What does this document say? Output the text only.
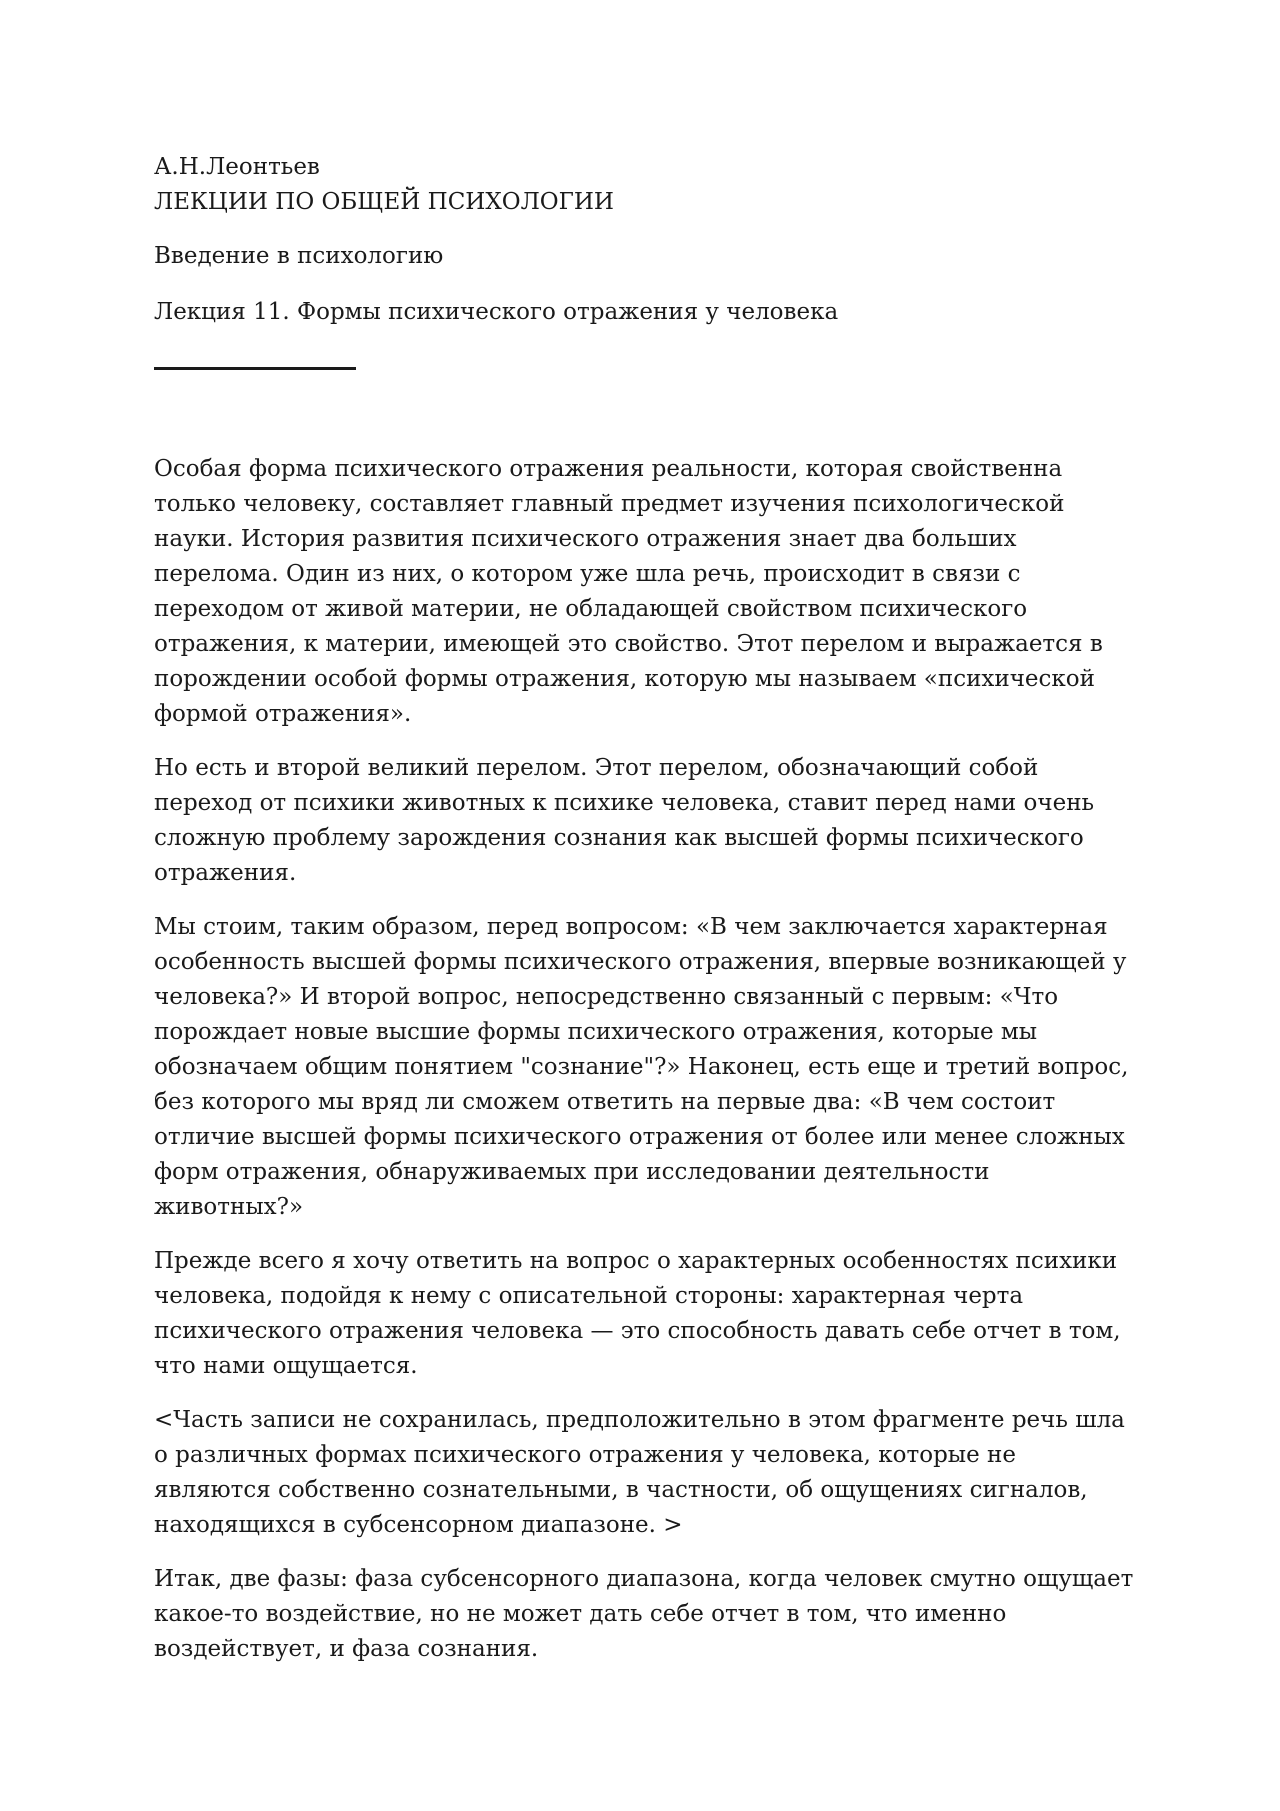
А.Н.Леонтьев

ЛЕКЦИИ ПО ОБЩЕЙ ПСИХОЛОГИИ

Введение в психологию

Лекция 11. Формы психического отражения у человека

Особая форма психического отражения реальности, которая свойственна только человеку, составляет главный предмет изучения психологической науки. История развития психического отражения знает два больших перелома. Один из них, о котором уже шла речь, происходит в связи с переходом от живой материи, не обладающей свойством психического отражения, к материи, имеющей это свойство. Этот перелом и выражается в порождении особой формы отражения, которую мы называем «психической формой отражения».

Но есть и второй великий перелом. Этот перелом, обозначающий собой переход от психики животных к психике человека, ставит перед нами очень сложную проблему зарождения сознания как высшей формы психического отражения.

Мы стоим, таким образом, перед вопросом: «В чем заключается характерная особенность высшей формы психического отражения, впервые возникающей у человека?» И второй вопрос, непосредственно связанный с первым: «Что порождает новые высшие формы психического отражения, которые мы обозначаем общим понятием "сознание"?» Наконец, есть еще и третий вопрос, без которого мы вряд ли сможем ответить на первые два: «В чем состоит отличие высшей формы психического отражения от более или менее сложных форм отражения, обнаруживаемых при исследовании деятельности животных?»

Прежде всего я хочу ответить на вопрос о характерных особенностях психики человека, подойдя к нему с описательной стороны: характерная черта психического отражения человека — это способность давать себе отчет в том, что нами ощущается.

<Часть записи не сохранилась, предположительно в этом фрагменте речь шла о различных формах психического отражения у человека, которые не являются собственно сознательными, в частности, об ощущениях сигналов, находящихся в субсенсорном диапазоне. >

Итак, две фазы: фаза субсенсорного диапазона, когда человек смутно ощущает какое-то воздействие, но не может дать себе отчет в том, что именно воздействует, и фаза сознания.
